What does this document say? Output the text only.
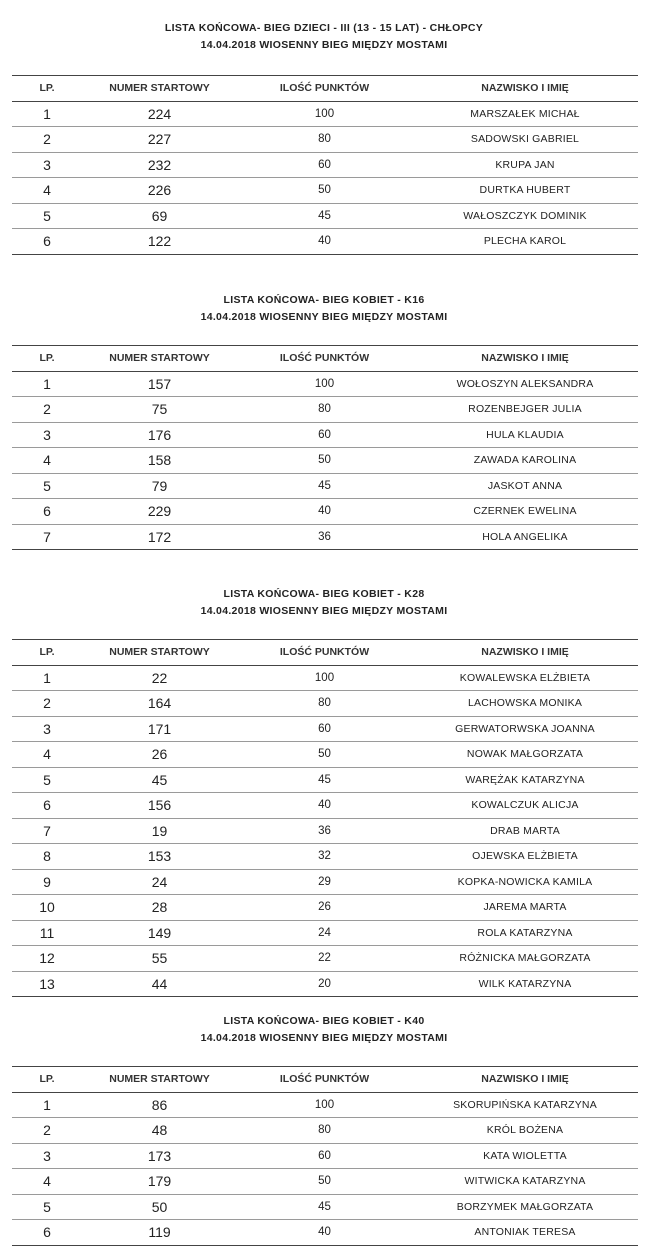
LISTA KOŃCOWA- BIEG DZIECI - III (13 - 15 LAT) - CHŁOPCY
14.04.2018 WIOSENNY BIEG MIĘDZY MOSTAMI
LP.	NUMER STARTOWY	ILOŚĆ PUNKTÓW	NAZWISKO I IMIĘ
1	224	100	MARSZAŁEK MICHAŁ
2	227	80	SADOWSKI GABRIEL
3	232	60	KRUPA JAN
4	226	50	DURTKA HUBERT
5	69	45	WAŁOSZCZYK DOMINIK
6	122	40	PLECHA KAROL
LISTA KOŃCOWA- BIEG KOBIET - K16
14.04.2018 WIOSENNY BIEG MIĘDZY MOSTAMI
LP.	NUMER STARTOWY	ILOŚĆ PUNKTÓW	NAZWISKO I IMIĘ
1	157	100	WOŁOSZYN ALEKSANDRA
2	75	80	ROZENBEJGER JULIA
3	176	60	HULA KLAUDIA
4	158	50	ZAWADA KAROLINA
5	79	45	JASKOT ANNA
6	229	40	CZERNEK EWELINA
7	172	36	HOLA ANGELIKA
LISTA KOŃCOWA- BIEG KOBIET - K28
14.04.2018 WIOSENNY BIEG MIĘDZY MOSTAMI
LP.	NUMER STARTOWY	ILOŚĆ PUNKTÓW	NAZWISKO I IMIĘ
1	22	100	KOWALEWSKA ELŻBIETA
2	164	80	LACHOWSKA MONIKA
3	171	60	GERWATORWSKA JOANNA
4	26	50	NOWAK MAŁGORZATA
5	45	45	WARĘŻAK KATARZYNA
6	156	40	KOWALCZUK ALICJA
7	19	36	DRAB MARTA
8	153	32	OJEWSKA ELŻBIETA
9	24	29	KOPKA-NOWICKA KAMILA
10	28	26	JAREMA MARTA
11	149	24	ROLA KATARZYNA
12	55	22	RÓŻNICKA MAŁGORZATA
13	44	20	WILK KATARZYNA
LISTA KOŃCOWA- BIEG KOBIET - K40
14.04.2018 WIOSENNY BIEG MIĘDZY MOSTAMI
LP.	NUMER STARTOWY	ILOŚĆ PUNKTÓW	NAZWISKO I IMIĘ
1	86	100	SKORUPIŃSKA KATARZYNA
2	48	80	KRÓL BOŻENA
3	173	60	KATA WIOLETTA
4	179	50	WITWICKA KATARZYNA
5	50	45	BORZYMEK MAŁGORZATA
6	119	40	ANTONIAK TERESA
